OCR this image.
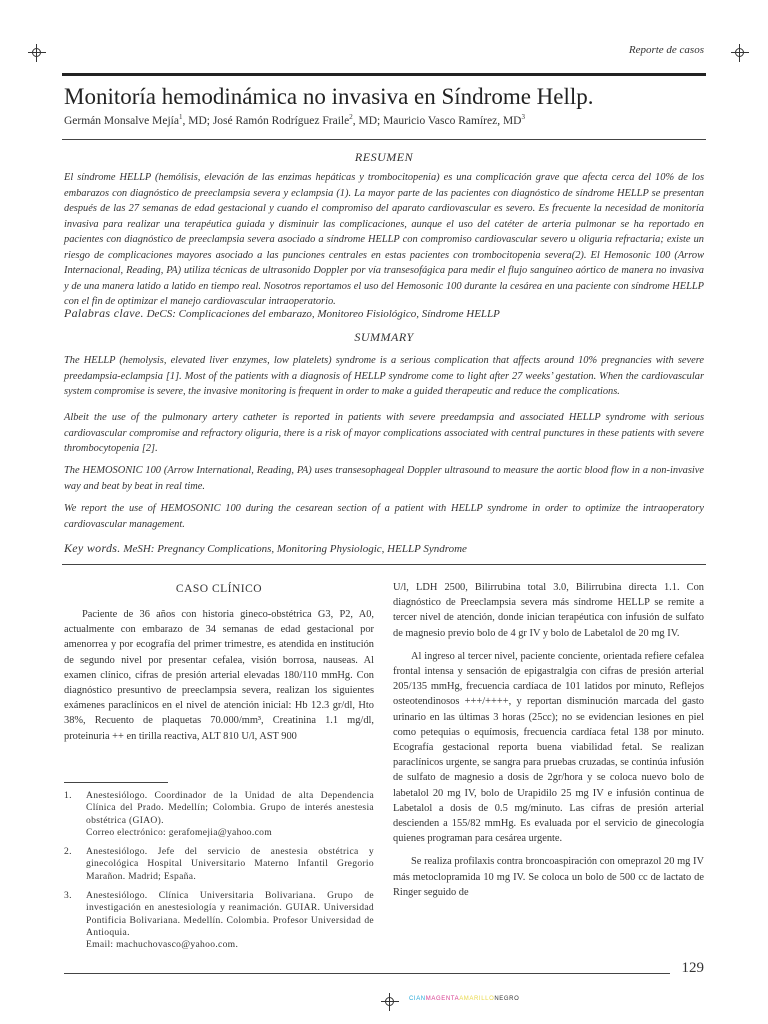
Reporte de casos
Monitoría hemodinámica no invasiva en Síndrome Hellp.
Germán Monsalve Mejía$^1$, MD; José Ramón Rodríguez Fraile$^2$, MD; Mauricio Vasco Ramírez, $MD^3$
RESUMEN

El síndrome HELLP (hemólisis, elevación de las enzimas hepáticas y trombocitopenia) es una complicación grave que afecta cerca del 10% de los embarazos con diagnóstico de preeclampsia severa y eclampsia (1). La mayor parte de las pacientes con diagnóstico de síndrome HELLP se presentan después de las 27 semanas de edad gestacional y cuando el compromiso del aparato cardiovascular es severo. Es frecuente la necesidad de monitoría invasiva para realizar una terapéutica guiada y disminuir las complicaciones, aunque el uso del catéter de arteria pulmonar se ha reportado en pacientes con diagnóstico de preeclampsia severa asociado a síndrome HELLP con compromiso cardiovascular severo u oliguria refractaria; existe un riesgo de complicaciones mayores asociado a las punciones centrales en estas pacientes con trombocitopenia severa(2). El Hemosonic 100 (Arrow Internacional, Reading, PA) utiliza técnicas de ultrasonido Doppler por vía transesofágica para medir el flujo sanguíneo aórtico de manera no invasiva y de una manera latido a latido en tiempo real. Nosotros reportamos el uso del Hemosonic 100 durante la cesárea en una paciente con síndrome HELLP con el fin de optimizar el manejo cardiovascular intraoperatorio.

Palabras clave. DeCS: Complicaciones del embarazo, Monitoreo Fisiológico, Síndrome HELLP
SUMMARY

The HELLP (hemolysis, elevated liver enzymes, low platelets) syndrome is a serious complication that affects around 10% pregnancies with severe preedampsia-eclampsia [1]. Most of the patients with a diagnosis of HELLP syndrome come to light after 27 weeks’ gestation. When the cardiovascular system compromise is severe, the invasive monitoring is frequent in order to make a guided therapeutic and reduce the complications.

Albeit the use of the pulmonary artery catheter is reported in patients with severe preedampsia and associated HELLP syndrome with serious cardiovascular compromise and refractory oliguria, there is a risk of mayor complications associated with central punctures in these patients with severe thrombocytopenia [2].

The HEMOSONIC 100 (Arrow International, Reading, PA) uses transesophageal Doppler ultrasound to measure the aortic blood flow in a non-invasive way and beat by beat in real time.

We report the use of HEMOSONIC 100 during the cesarean section of a patient with HELLP syndrome in order to optimize the intraoperatory cardiovascular management.

Key words. MeSH: Pregnancy Complications, Monitoring Physiologic, HELLP Syndrome
CASO CLÍNICO

Paciente de 36 años con historia gineco-obstétrica G3, P2, A0, actualmente con embarazo de 34 semanas de edad gestacional por amenorrea y por ecografía del primer trimestre, es atendida en institución de segundo nivel por presentar cefalea, visión borrosa, nauseas. Al examen clínico, cifras de presión arterial elevadas 180/110 mmHg. Con diagnóstico presuntivo de preeclampsia severa, realizan los siguientes exámenes paraclínicos en el nivel de atención inicial: Hb 12.3 gr/dl, Hto 38%, Recuento de plaquetas 70.000/mm³, Creatinina 1.1 mg/dl, proteinuria ++ en tirilla reactiva, ALT 810 U/l, AST 900

1.	Anestesiólogo. Coordinador de la Unidad de alta Dependencia Clínica del Prado. Medellín; Colombia. Grupo de interés anestesia obstétrica (GIAO).
Correo electrónico: gerafomejia@yahoo.com
2.	Anestesiólogo. Jefe del servicio de anestesia obstétrica y ginecológica Hospital Universitario Materno Infantil Gregorio Marañon. Madrid; España.
3.	Anestesiólogo. Clínica Universitaria Bolivariana. Grupo de investigación en anestesiología y reanimación. GUIAR. Universidad Pontificia Bolivariana. Medellín. Colombia. Profesor Universidad de Antioquia.
Email: machuchovasco@yahoo.com.

U/l, LDH 2500, Bilirrubina total 3.0, Bilirrubina directa 1.1. Con diagnóstico de Preeclampsia severa más síndrome HELLP se remite a tercer nivel de atención, donde inician terapéutica con infusión de sulfato de magnesio previo bolo de 4 gr IV y bolo de Labetalol de 20 mg IV.

Al ingreso al tercer nivel, paciente conciente, orientada refiere cefalea frontal intensa y sensación de epigastralgia con cifras de presión arterial 205/135 mmHg, frecuencia cardíaca de 101 latidos por minuto, Reflejos osteotendinosos +++/++++, y reportan disminución marcada del gasto urinario en las últimas 3 horas (25cc); no se evidencian lesiones en piel como petequias o equímosis, frecuencia cardíaca fetal 138 por minuto. Ecografía gestacional reporta buena viabilidad fetal. Se realizan paraclínicos urgente, se sangra para pruebas cruzadas, se continúa infusión de sulfato de magnesio a dosis de 2gr/hora y se coloca nuevo bolo de labetalol 20 mg IV, bolo de Urapidilo 25 mg IV e infusión continua de Labetalol a dosis de 0.5 mg/minuto. Las cifras de presión arterial descienden a 155/82 mmHg. Es evaluada por el servicio de ginecología quienes programan para cesárea urgente.

Se realiza profilaxis contra broncoaspiración con omeprazol 20 mg IV más metoclopramida 10 mg IV. Se coloca un bolo de 500 cc de lactato de Ringer seguido de

129
CIANMAGENTAAMARILLONEGRO
